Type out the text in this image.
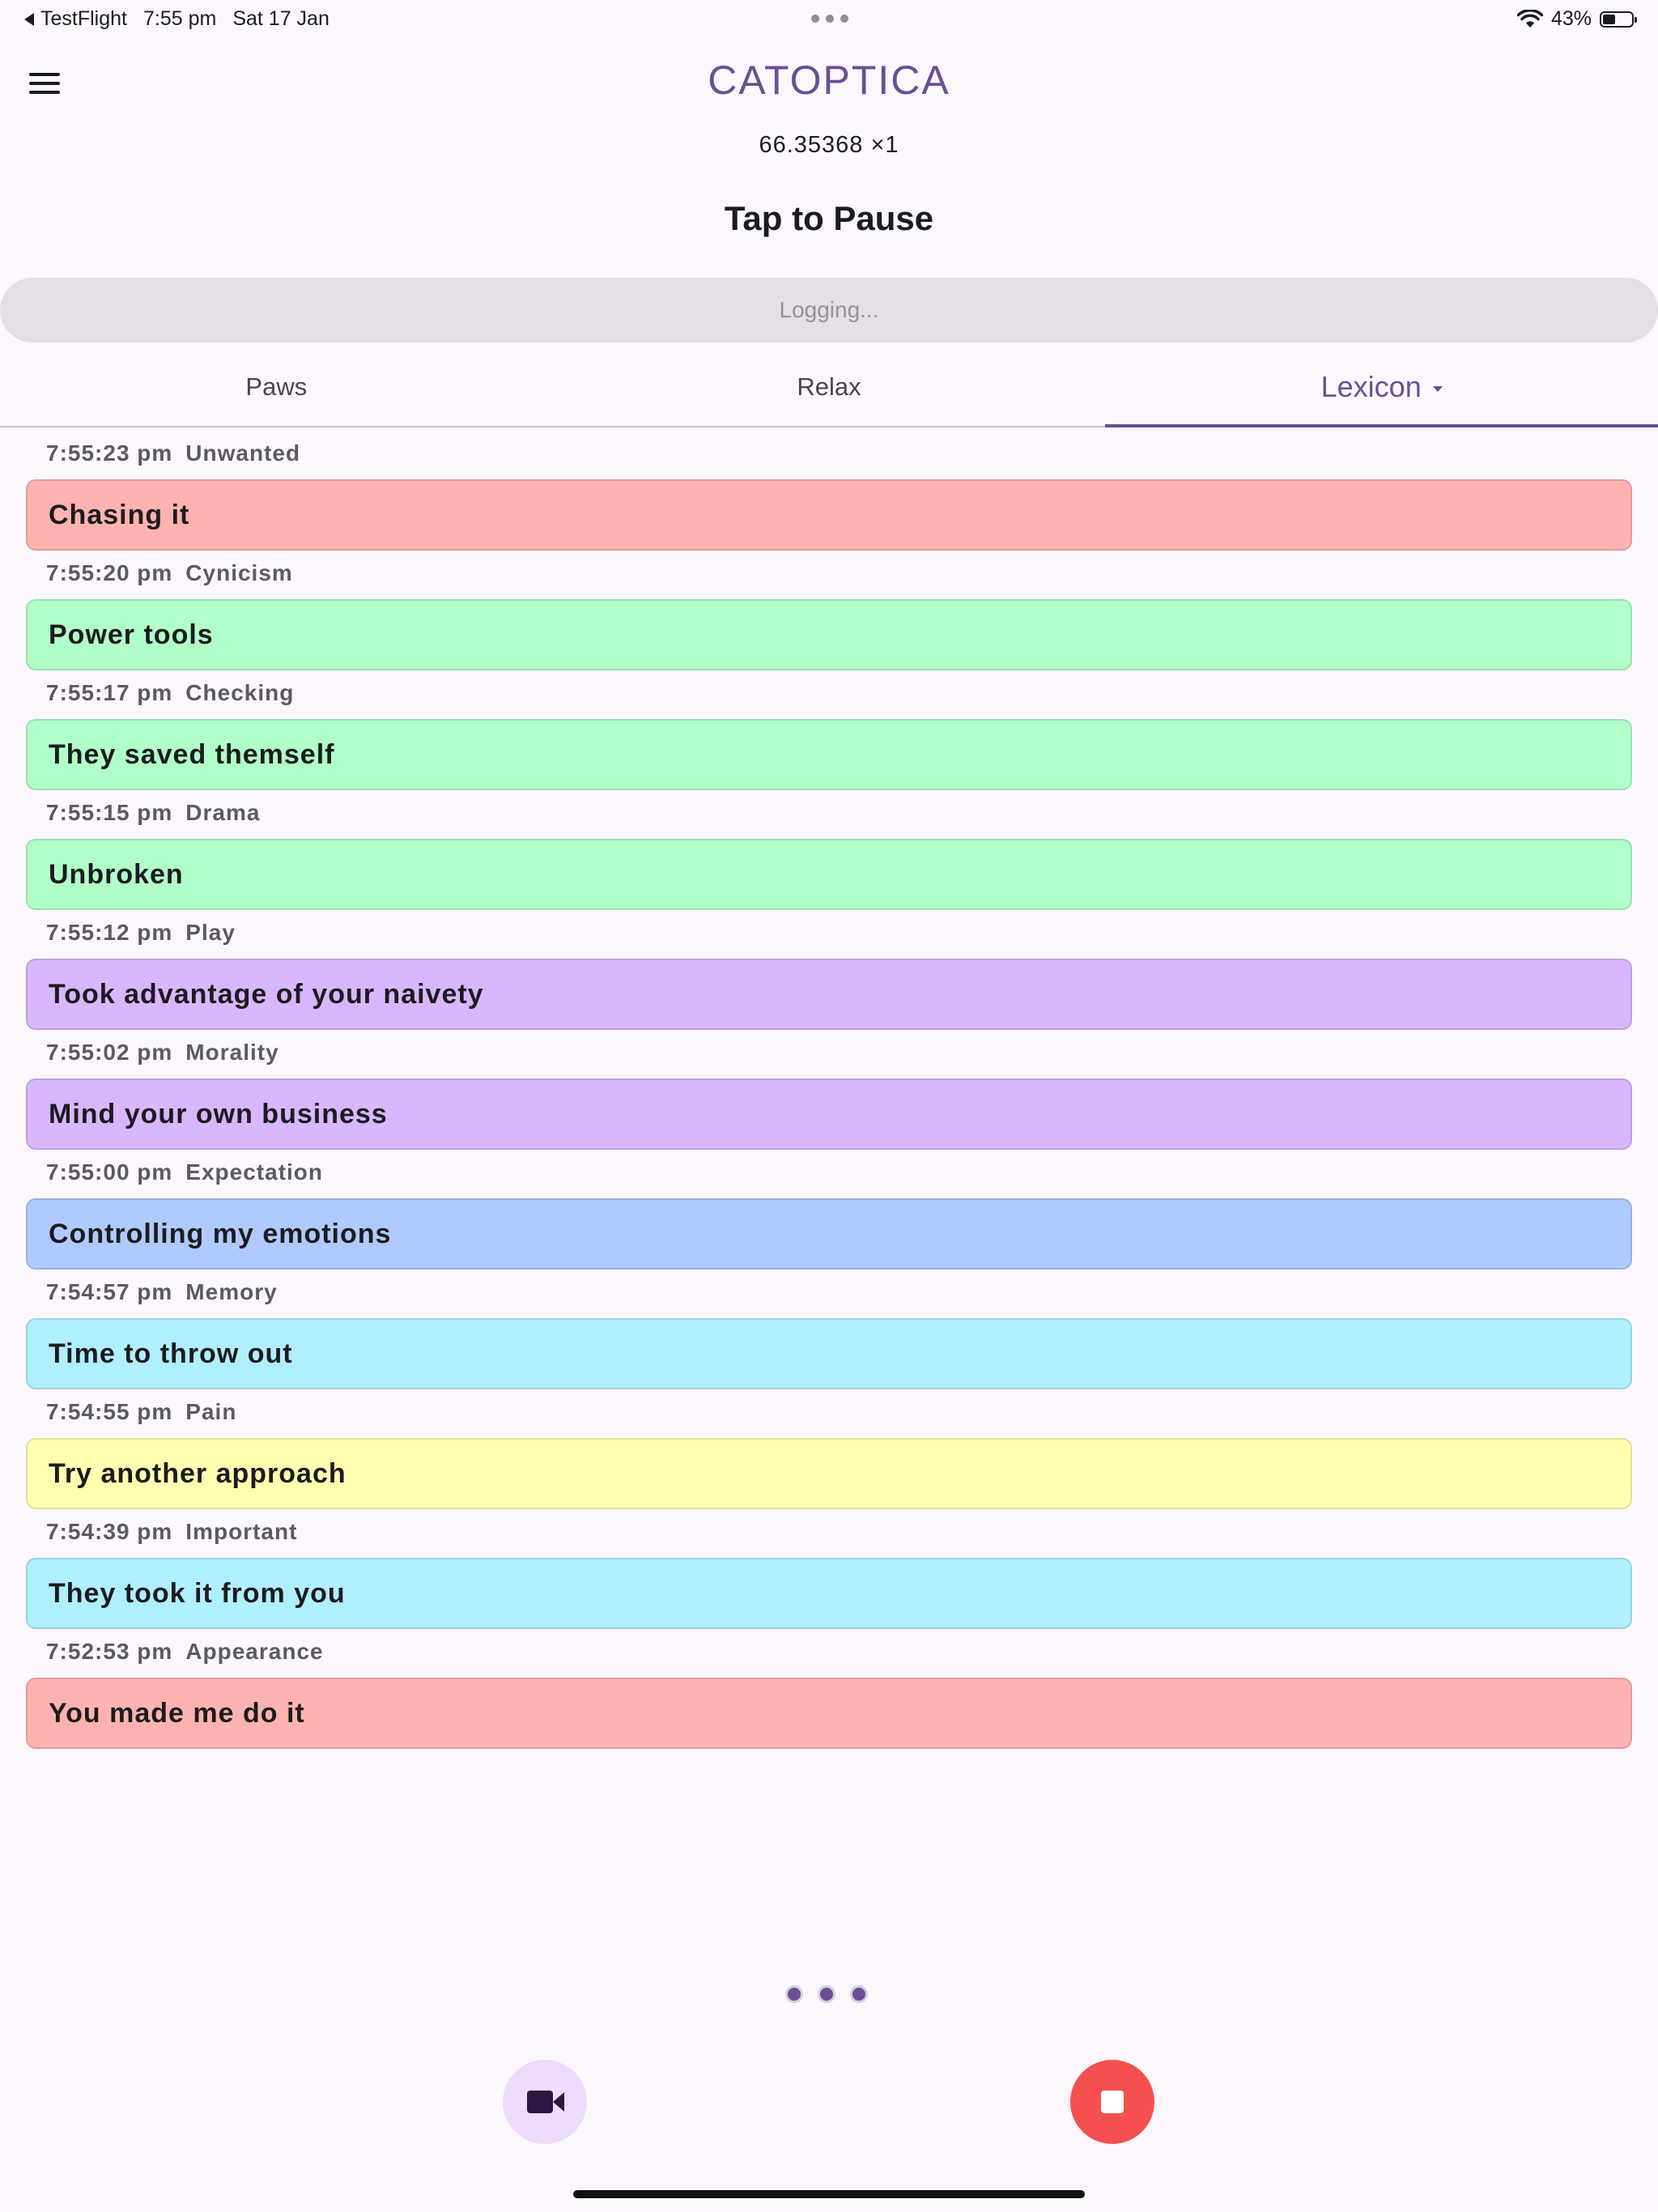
TestFlight 7:55 pm Sat 17 Jan	43%
CATOPTICA
66.35368 ×1
Tap to Pause
Logging...
Paws	Relax	Lexicon
7:55:23 pm Unwanted
Chasing it
7:55:20 pm Cynicism
Power tools
7:55:17 pm Checking
They saved themself
7:55:15 pm Drama
Unbroken
7:55:12 pm Play
Took advantage of your naivety
7:55:02 pm Morality
Mind your own business
7:55:00 pm Expectation
Controlling my emotions
7:54:57 pm Memory
Time to throw out
7:54:55 pm Pain
Try another approach
7:54:39 pm Important
They took it from you
7:52:53 pm Appearance
You made me do it
